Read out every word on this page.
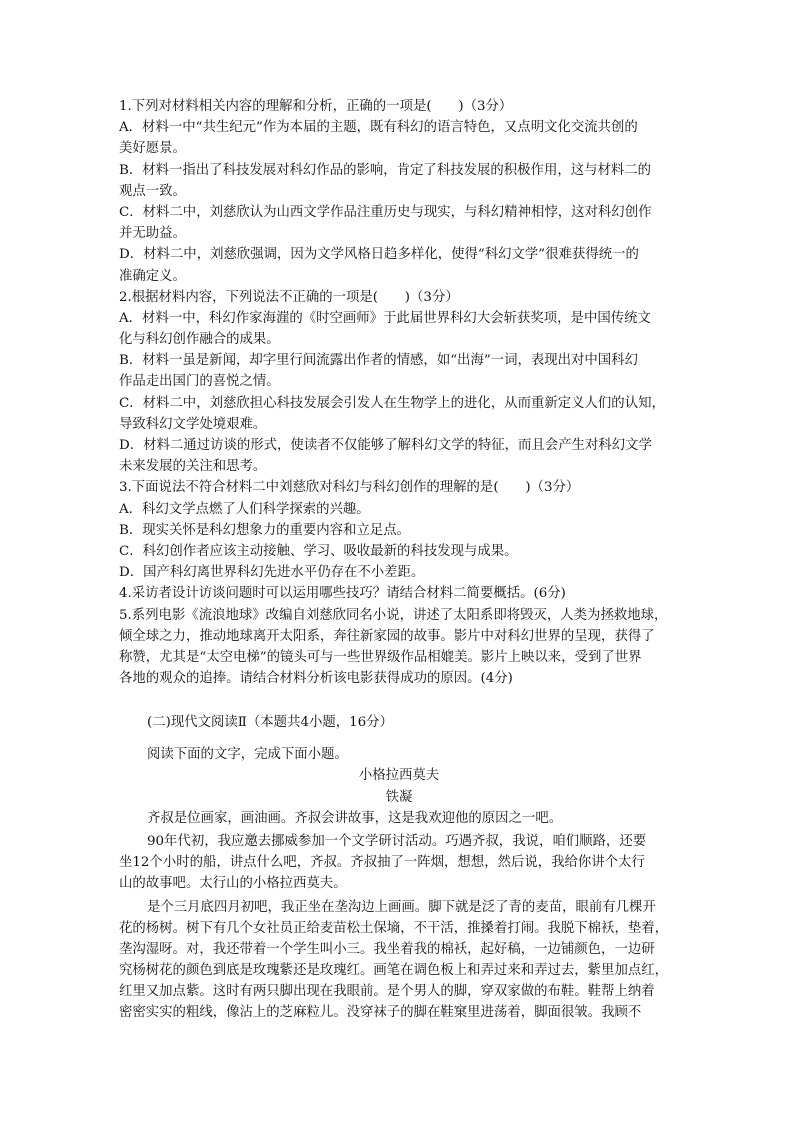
1.下列对材料相关内容的理解和分析，正确的一项是(　　)（3分）
A．材料一中“共生纪元”作为本届的主题，既有科幻的语言特色，又点明文化交流共创的
美好愿景。
B．材料一指出了科技发展对科幻作品的影响，肯定了科技发展的积极作用，这与材料二的
观点一致。
C．材料二中，刘慈欣认为山西文学作品注重历史与现实，与科幻精神相悖，这对科幻创作
并无助益。
D．材料二中，刘慈欣强调，因为文学风格日趋多样化，使得“科幻文学”很难获得统一的
准确定义。
2.根据材料内容，下列说法不正确的一项是(　　)（3分）
A．材料一中，科幻作家海漄的《时空画师》于此届世界科幻大会斩获奖项，是中国传统文
化与科幻创作融合的成果。
B．材料一虽是新闻，却字里行间流露出作者的情感，如“出海”一词，表现出对中国科幻
作品走出国门的喜悦之情。
C．材料二中，刘慈欣担心科技发展会引发人在生物学上的进化，从而重新定义人们的认知，
导致科幻文学处境艰难。
D．材料二通过访谈的形式，使读者不仅能够了解科幻文学的特征，而且会产生对科幻文学
未来发展的关注和思考。
3.下面说法不符合材料二中刘慈欣对科幻与科幻创作的理解的是(　　)（3分）
A．科幻文学点燃了人们科学探索的兴趣。
B．现实关怀是科幻想象力的重要内容和立足点。
C．科幻创作者应该主动接触、学习、吸收最新的科技发现与成果。
D．国产科幻离世界科幻先进水平仍存在不小差距。
4.采访者设计访谈问题时可以运用哪些技巧？请结合材料二简要概括。(6分)
5.系列电影《流浪地球》改编自刘慈欣同名小说，讲述了太阳系即将毁灭，人类为拯救地球，
倾全球之力，推动地球离开太阳系，奔往新家园的故事。影片中对科幻世界的呈现，获得了
称赞，尤其是“太空电梯”的镜头可与一些世界级作品相媲美。影片上映以来，受到了世界
各地的观众的追捧。请结合材料分析该电影获得成功的原因。(4分)
(二)现代文阅读Ⅱ（本题共4小题，16分）
阅读下面的文字，完成下面小题。
小格拉西莫夫
铁凝
齐叔是位画家，画油画。齐叔会讲故事，这是我欢迎他的原因之一吧。
90年代初，我应邀去挪威参加一个文学研讨活动。巧遇齐叔，我说，咱们顺路，还要
坐12个小时的船，讲点什么吧，齐叔。齐叔抽了一阵烟，想想，然后说，我给你讲个太行
山的故事吧。太行山的小格拉西莫夫。
是个三月底四月初吧，我正坐在垄沟边上画画。脚下就是泛了青的麦苗，眼前有几棵开
花的杨树。树下有几个女社员正给麦苗松土保墒，不干活，推搡着打闹。我脱下棉袄，垫着，
垄沟湿呀。对，我还带着一个学生叫小三。我坐着我的棉袄，起好稿，一边铺颜色，一边研
究杨树花的颜色到底是玫瑰紫还是玫瑰红。画笔在调色板上和弄过来和弄过去，紫里加点红，
红里又加点紫。这时有两只脚出现在我眼前。是个男人的脚，穿双家做的布鞋。鞋帮上纳着
密密实实的粗线，像沾上的芝麻粒儿。没穿袜子的脚在鞋窠里进荡着，脚面很皱。我顾不
